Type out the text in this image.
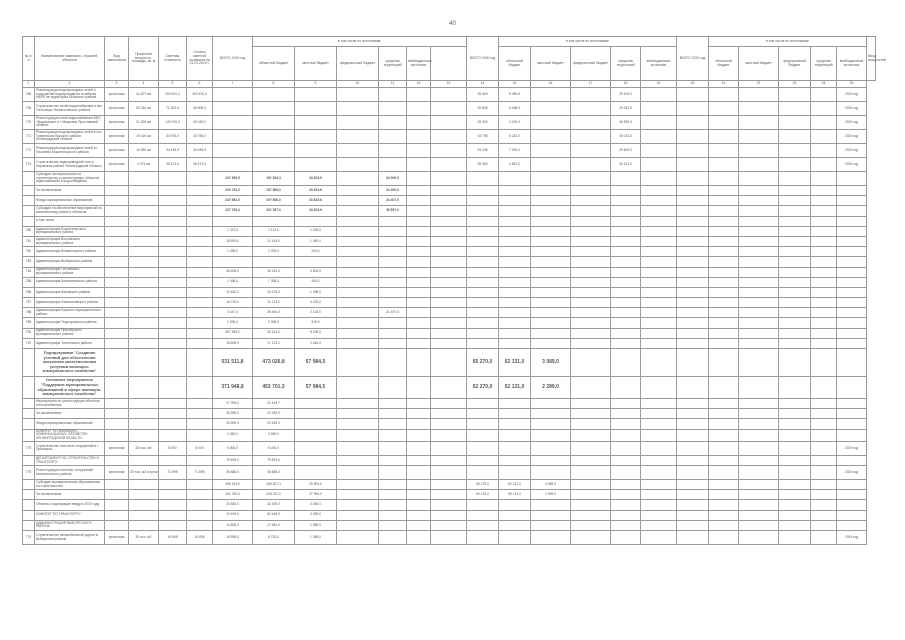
40
№ п/п	Наименование заказчика, отраслей, объектов	Вид заключения	Проектная мощность, площадь, кв. м	Сметная стоимость	Остаток сметной стоимости на 01.01.2019 г.	ВСЕГО 2019 год	в том числе по источникам:						ВСЕГО 2020 год	в том числе по источникам:					ВСЕГО 2021 год	в том числе по источникам:					Ввод мощностей
							областной бюджет	местный бюджет	федеральный бюджет	средства территорий	внебюджетные источники			областной бюджет	местный бюджет	федеральный бюджет	средства территорий	внебюджетные источники		областной бюджет	местный бюджет	федеральный бюджет	средства территорий	внебюджетные источники	
1	2	3	4	5	6	7	8	9	10	11	12	13	14	15	16	17	18	19	20	21	22	23	24	25	
768	Реконструкция водопроводных сетей и сооружений водопроводного хозяйства МБУК на территории Бельского района	проектная	44,207 км	400 870,4	400 870,4								45 669	8 450,8			29 100,0							2020 год	
769	Строительство сетей водоснабжения в пос. Гостилицы Ломоносовского района	проектная	50 030 км	71 202,9	46 808,0								45 808	5 468,0			29 342,0							2020 год	
770	Реконструкция сетей водоснабжения МБУ «Водоканал» в г. Мышкине Ярославской области	проектная	21 405 км	140 276,0	45 430,0								45 430	3 430,0			36 592,0							2020 год	
771	Реконструкция водопроводных сетей в пос. Тихвинском Лужского района Ленинградской области	проектная	19 415 км	34 978,0	34 798,0								34 798	5 242,0			30 023,0							2020 год	
772	Реконструкция водопроводных сетей в г. Пикалево Бокситогорского района	проектная	10 090 км	34 436,9	34 436,9								34 436	7 000,0			29 600,0							2020 год	
773	Строительство водопроводной сети в Кировском районе Ленинградской области	проектная	4 374 км	35 473,0	35 473,0								35 369	4 867,0			30 131,0							2020 год	
	Субсидии на мероприятия по строительству и реконструкции объектов водоснабжения и водоотведения					237 555,5	191 933,3	33 819,9		34 000,0															
	За исключением					230 726,0	157 506,0	33 819,6		34 400,0															
	Фонды муниципальных образований					247 554,0	197 506,0	33 819,6		34 407,0															
	Субсидии на обеспечение мероприятий по капитальному ремонту объектов					237 739,4	201 357,0	33 819,6		35 897,0															
	в том числе																								
780	Администрация Бокситогорского муниципального района					1 372,6	1 113,0	1 305,0																	
781	Администрация Волховского муниципального района					15 693,0	12 144,0	1 460,0																	
782	Администрация Всеволожского района					1 496,0	2 303,0	244,0																	
783	Администрация Выборгского района																								
784	Администрация Гатчинского муниципального района					46 696,0	40 244,0	4 603,0																	
785	Администрация Кингисеппского района					1 496,0	1 398,0	454,0																	
786	Администрация Кировского района					14 482,0	10 276,0	1 398,0																	
787	Администрация Ломоносовского района					16 725,0	11 113,0	4 423,0																	
788	Администрация Лужского муниципального района					3 447,0	26 440,0	2 115,0		21 497,0															
789	Администрация Подпорожского района					1 935,0	2 396,0	915,0																	
790	Администрация Приозерского муниципального района					497 455,0	40 144,0	8 206,0																	
791	Администрация Тосненского района					18 595,0	17 123,0	2 464,0																	
	Подпрограмма "Создание условий для обеспечения населения качественными услугами жилищно-коммунального хозяйства"					531 511,8	473 026,8	57 984,5					65 270,0	62 131,0	3 089,0										
	Основное мероприятие "Поддержка муниципальных образований в сфере жилищно-коммунального хозяйства"					371 948,8	453 701,3	57 984,5					62 270,0	62 131,0	2 289,0										
	Мероприятия по реконструкции объектов теплоснабжения					27 093,0	22 434,7																		
	За исключением					33 955,0	23 189,0																		
	Фонды муниципальных образований					33 955,0	23 189,0																		
	КОМИТЕТ ПО ЖИЛИЩНО-КОММУНАЛЬНОМУ ХОЗЯЙСТВУ ЛЕНИНГРАДСКОЙ ОБЛАСТИ					1 050,0	4 950,0																		
775	Строительство очистных сооружений в г. Приозерск	проектная	25 тыс. м3	8 000	6 000	6 800,0	6 000,0																	2019 год	
	ДЕПАРТАМЕНТ ПО СТРОИТЕЛЬСТВУ И ТРАНСПОРТУ					75 593,0	75 593,0																		
776	Реконструкция очистных сооружений Кингисеппского района	проектная	30 тыс. м3 в сутки	71 895	71 895	35 888,0	35 888,0																	2020 год	
	Субсидии муниципальным образованиям на строительство					496 194,0	466 307,3	29 900,0					65 270,0	62 131,0	3 089,0										
	За исключением					441 796,0	426 311,0	27 954,0					60 129,0	59 131,0	1 999,0										
	Объекты, подлежащие вводу в 2019 году					33 682,0	32 339,0	3 455,0																	
	КОМИТЕТ ПО ТРАНСПОРТУ					19 693,0	82 649,0	3 455,0																	
	АДМИНИСТРАЦИЯ ВЫБОРГСКОГО РАЙОНА					14 898,0	17 964,0	1 089,0																	
779	Строительство автомобильной дороги в Выборгском районе	проектная	20 тыс. м2	16 898	16 898	16 898,0	8 720,0	1 089,0																2019 год	
